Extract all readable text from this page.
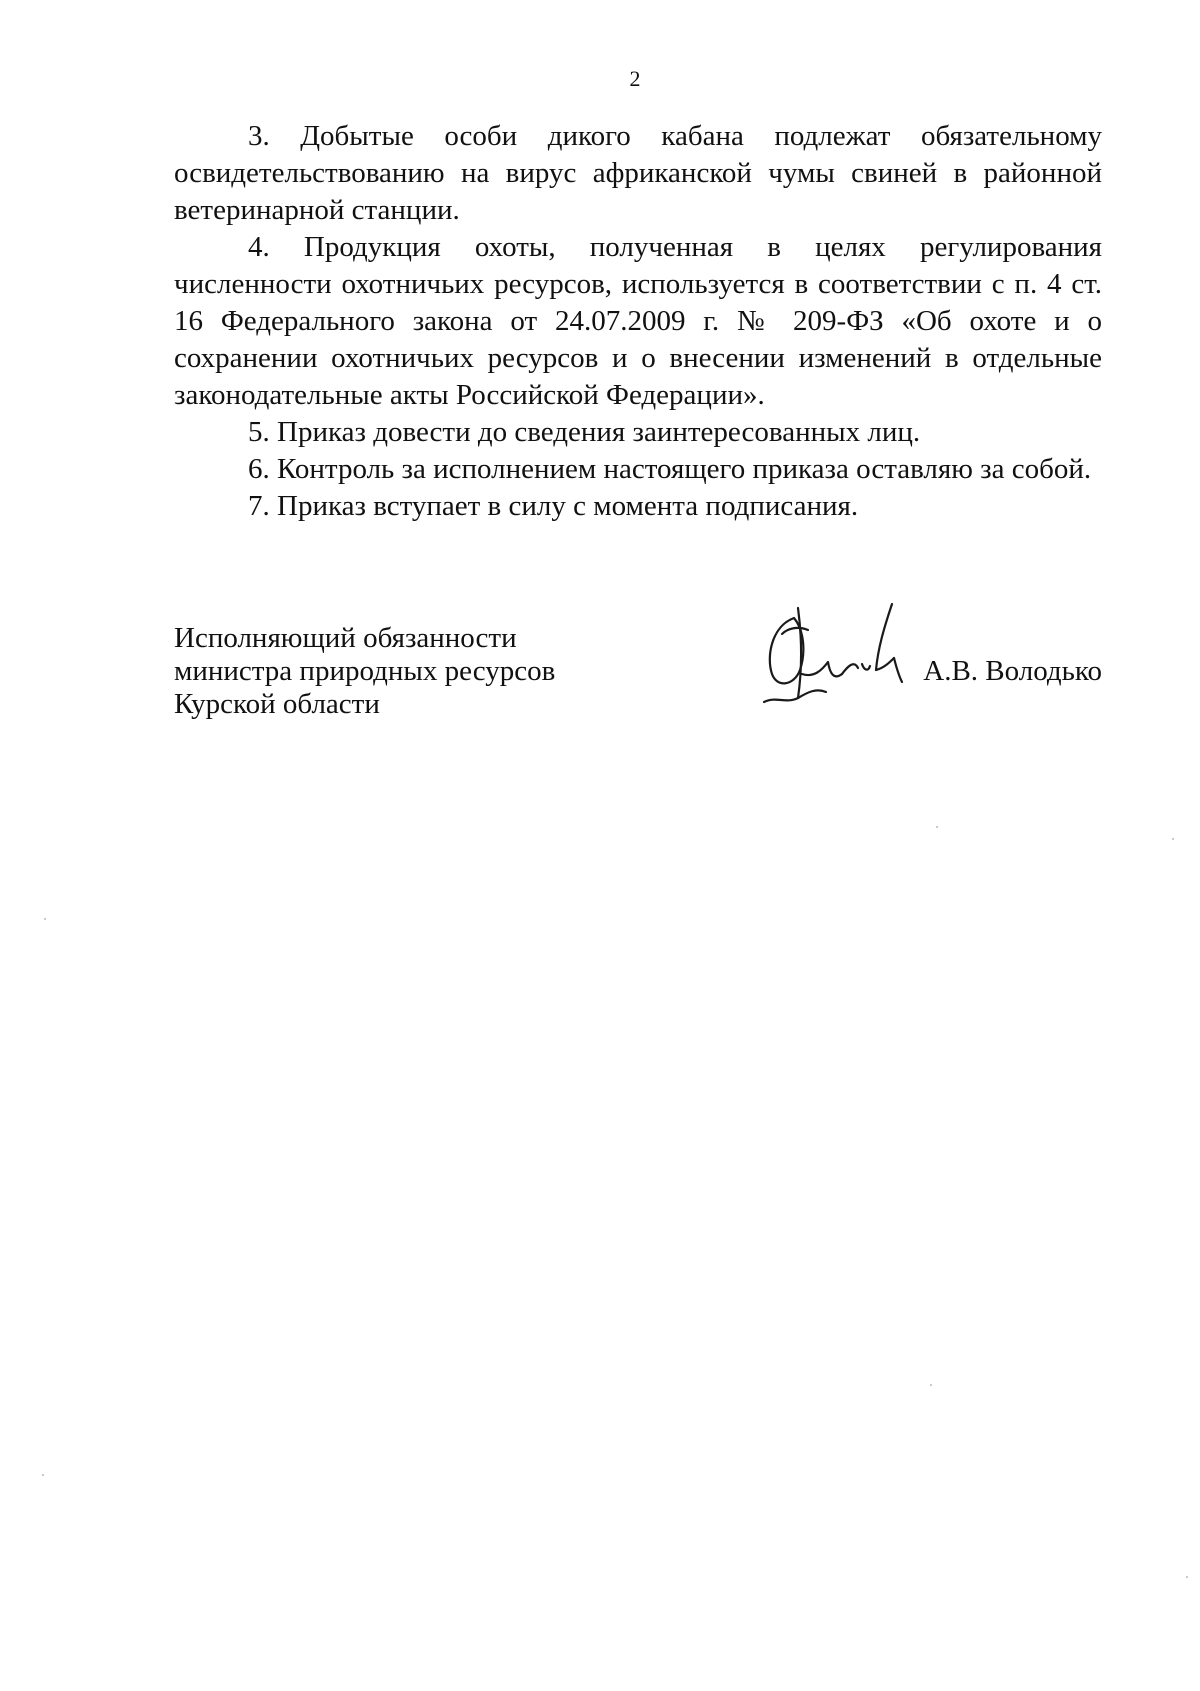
2

3. Добытые особи дикого кабана подлежат обязательному освидетельствованию на вирус африканской чумы свиней в районной ветеринарной станции.

4. Продукция охоты, полученная в целях регулирования численности охотничьих ресурсов, используется в соответствии с п. 4 ст. 16 Федерального закона от 24.07.2009 г. № 209-ФЗ «Об охоте и о сохранении охотничьих ресурсов и о внесении изменений в отдельные законодательные акты Российской Федерации».

5. Приказ довести до сведения заинтересованных лиц.

6. Контроль за исполнением настоящего приказа оставляю за собой.

7. Приказ вступает в силу с момента подписания.

Исполняющий обязанности
министра природных ресурсов
Курской области
А.В. Володько
